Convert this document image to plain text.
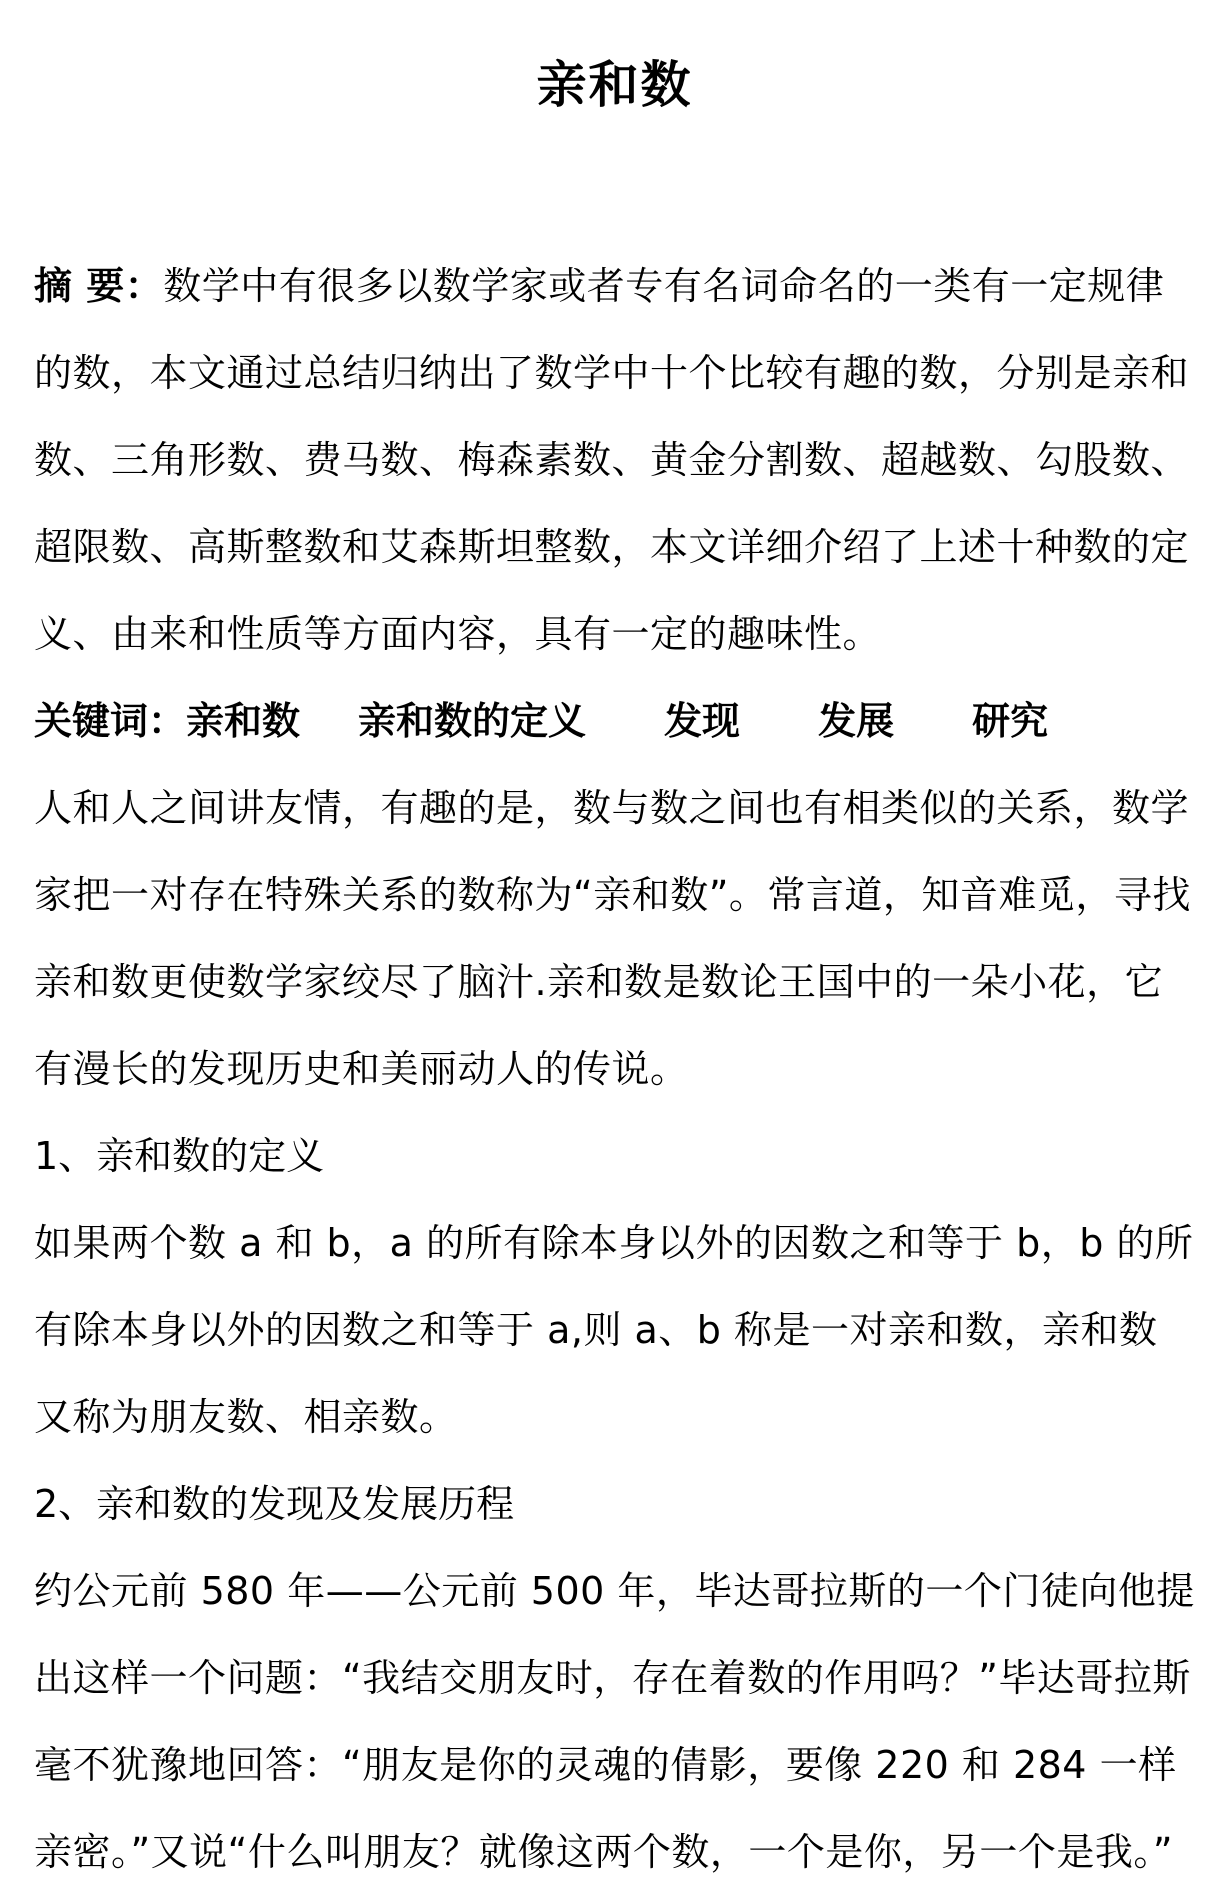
亲和数

摘 要：数学中有很多以数学家或者专有名词命名的一类有一定规律的数，本文通过总结归纳出了数学中十个比较有趣的数，分别是亲和数、三角形数、费马数、梅森素数、黄金分割数、超越数、勾股数、超限数、高斯整数和艾森斯坦整数，本文详细介绍了上述十种数的定义、由来和性质等方面内容，具有一定的趣味性。

关键词：亲和数 亲和数的定义 发现 发展 研究

人和人之间讲友情，有趣的是，数与数之间也有相类似的关系，数学家把一对存在特殊关系的数称为“亲和数”。常言道，知音难觅，寻找亲和数更使数学家绞尽了脑汁.亲和数是数论王国中的一朵小花，它有漫长的发现历史和美丽动人的传说。

1、亲和数的定义

如果两个数 a 和 b，a 的所有除本身以外的因数之和等于 b，b 的所有除本身以外的因数之和等于 a,则 a、b 称是一对亲和数，亲和数又称为朋友数、相亲数。

2、亲和数的发现及发展历程

约公元前 580 年——公元前 500 年，毕达哥拉斯的一个门徒向他提出这样一个问题：“我结交朋友时，存在着数的作用吗？”毕达哥拉斯毫不犹豫地回答：“朋友是你的灵魂的倩影，要像 220 和 284 一样亲密。”又说“什么叫朋友？就像这两个数，一个是你，另一个是我。”
